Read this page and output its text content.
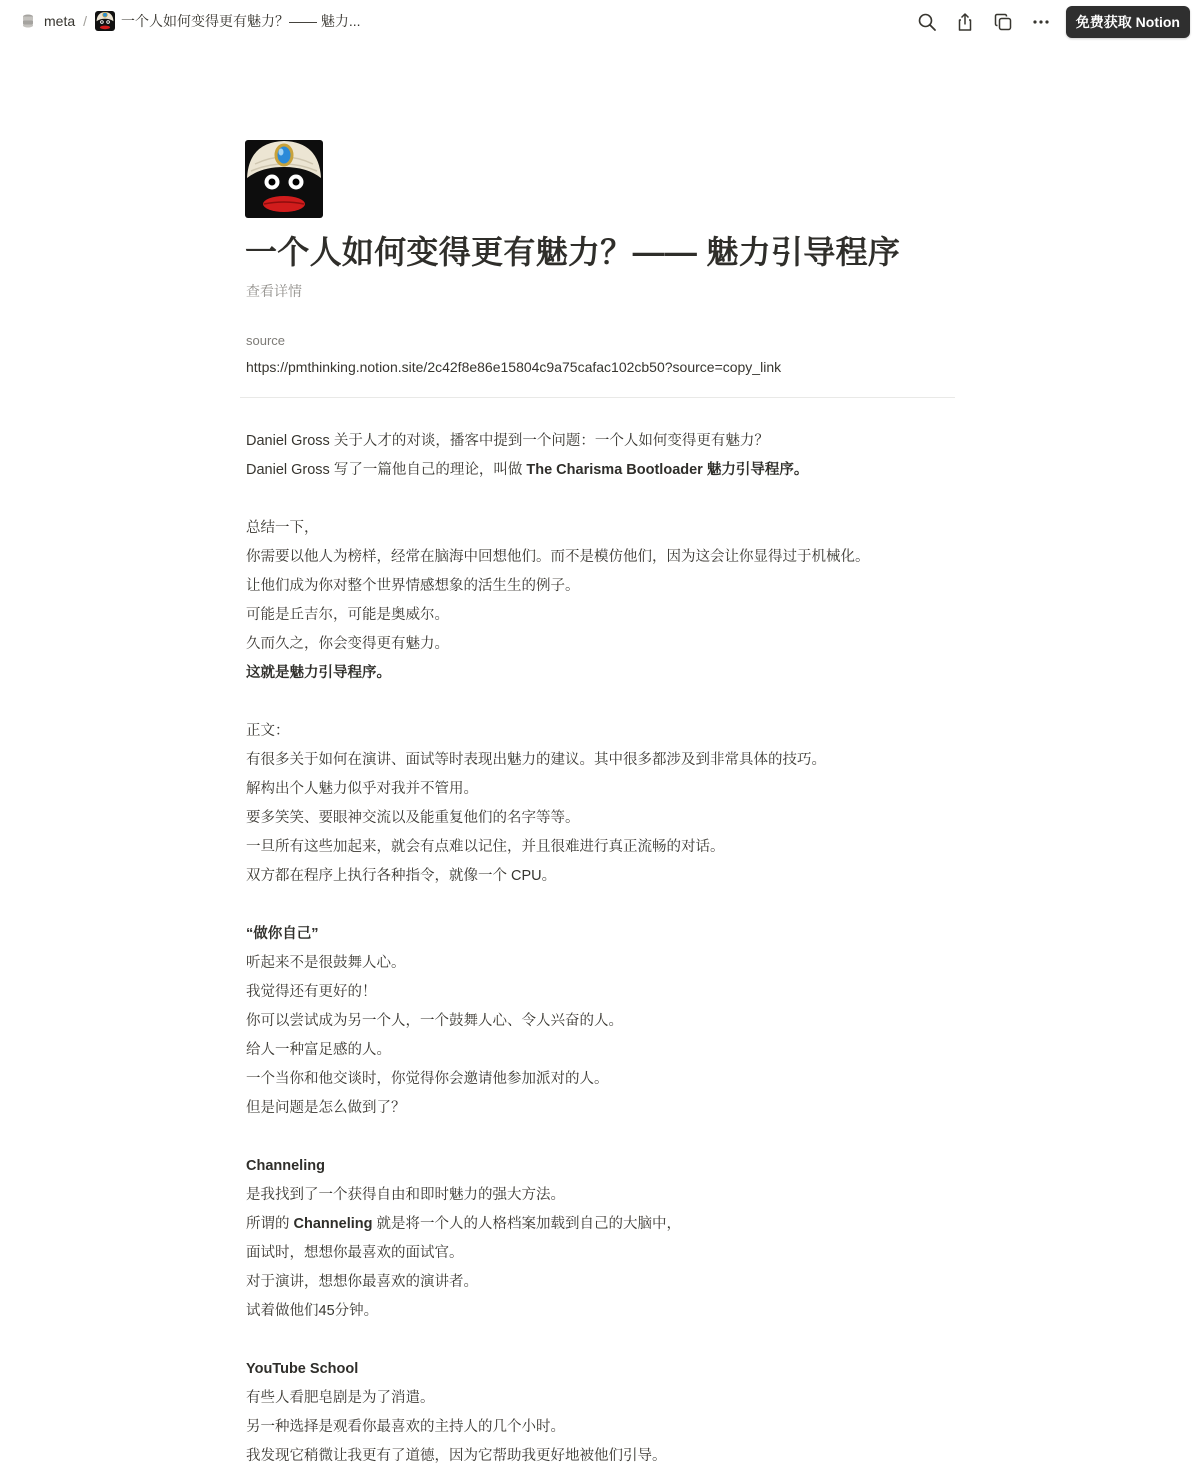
meta / 一个人如何变得更有魅力？—— 魅力...	免费获取 Notion
一个人如何变得更有魅力？—— 魅力引导程序
查看详情
source
https://pmthinking.notion.site/2c42f8e86e15804c9a75cafac102cb50?source=copy_link
Daniel Gross 关于人才的对谈，播客中提到一个问题：一个人如何变得更有魅力？
Daniel Gross 写了一篇他自己的理论，叫做 The Charisma Bootloader 魅力引导程序。
总结一下，
你需要以他人为榜样，经常在脑海中回想他们。而不是模仿他们，因为这会让你显得过于机械化。
让他们成为你对整个世界情感想象的活生生的例子。
可能是丘吉尔，可能是奥威尔。
久而久之，你会变得更有魅力。
这就是魅力引导程序。
正文：
有很多关于如何在演讲、面试等时表现出魅力的建议。其中很多都涉及到非常具体的技巧。
解构出个人魅力似乎对我并不管用。
要多笑笑、要眼神交流以及能重复他们的名字等等。
一旦所有这些加起来，就会有点难以记住，并且很难进行真正流畅的对话。
双方都在程序上执行各种指令，就像一个 CPU。
“做你自己”
听起来不是很鼓舞人心。
我觉得还有更好的！
你可以尝试成为另一个人，一个鼓舞人心、令人兴奋的人。
给人一种富足感的人。
一个当你和他交谈时，你觉得你会邀请他参加派对的人。
但是问题是怎么做到了？
Channeling
是我找到了一个获得自由和即时魅力的强大方法。
所谓的 Channeling 就是将一个人的人格档案加载到自己的大脑中，
面试时，想想你最喜欢的面试官。
对于演讲，想想你最喜欢的演讲者。
试着做他们45分钟。
YouTube School
有些人看肥皂剧是为了消遣。
另一种选择是观看你最喜欢的主持人的几个小时。
我发现它稍微让我更有了道德，因为它帮助我更好地被他们引导。
